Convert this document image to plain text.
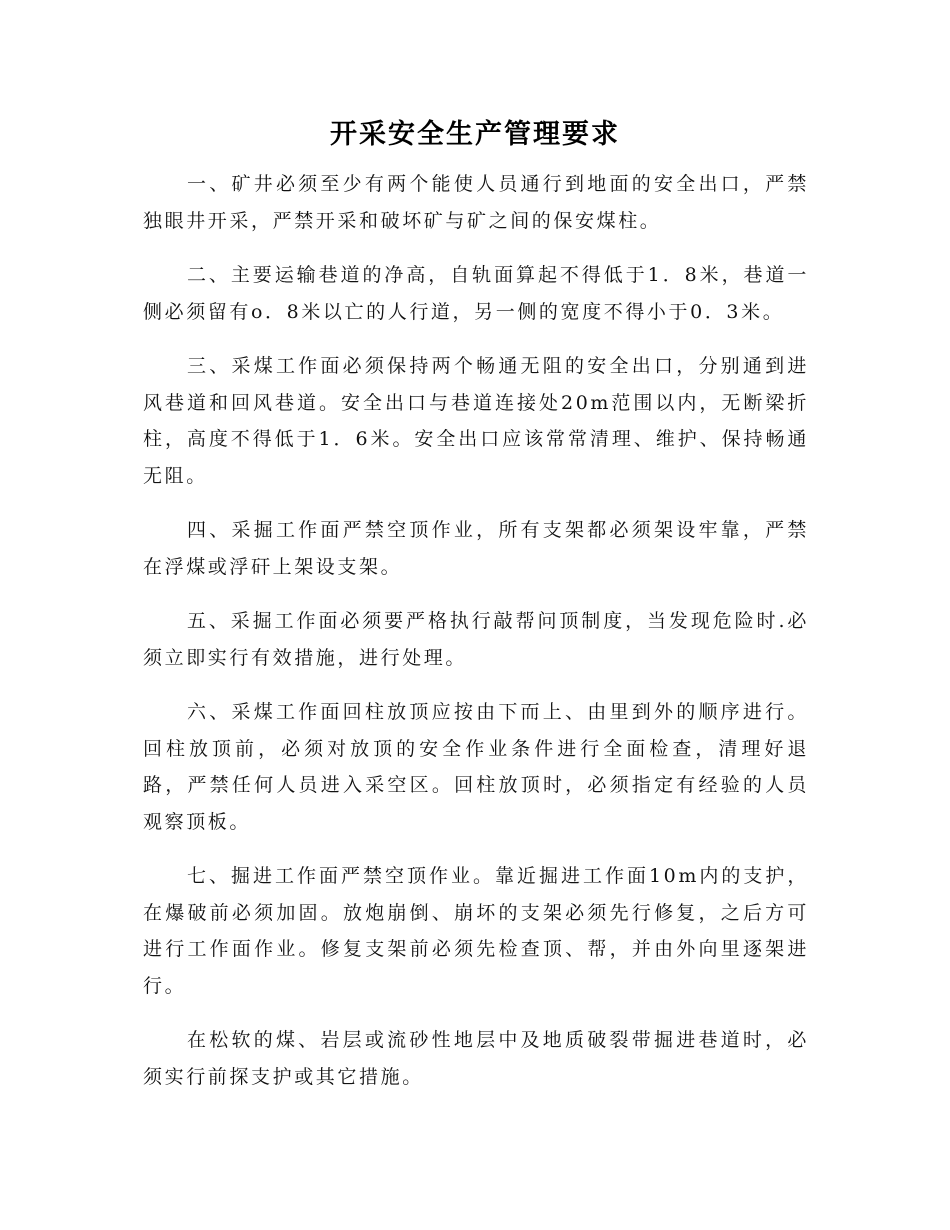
开采安全生产管理要求

一、矿井必须至少有两个能使人员通行到地面的安全出口，严禁独眼井开采，严禁开采和破坏矿与矿之间的保安煤柱。

二、主要运输巷道的净高，自轨面算起不得低于1．8米，巷道一侧必须留有o．8米以亡的人行道，另一侧的宽度不得小于0．3米。

三、采煤工作面必须保持两个畅通无阻的安全出口，分别通到进风巷道和回风巷道。安全出口与巷道连接处20m范围以内，无断梁折柱，高度不得低于1．6米。安全出口应该常常清理、维护、保持畅通无阻。

四、采掘工作面严禁空顶作业，所有支架都必须架设牢靠，严禁在浮煤或浮矸上架设支架。

五、采掘工作面必须要严格执行敲帮问顶制度，当发现危险时.必须立即实行有效措施，进行处理。

六、采煤工作面回柱放顶应按由下而上、由里到外的顺序进行。回柱放顶前，必须对放顶的安全作业条件进行全面检查，清理好退路，严禁任何人员进入采空区。回柱放顶时，必须指定有经验的人员观察顶板。

七、掘进工作面严禁空顶作业。靠近掘进工作面10m内的支护，在爆破前必须加固。放炮崩倒、崩坏的支架必须先行修复，之后方可进行工作面作业。修复支架前必须先检查顶、帮，并由外向里逐架进行。

在松软的煤、岩层或流砂性地层中及地质破裂带掘进巷道时，必须实行前探支护或其它措施。
